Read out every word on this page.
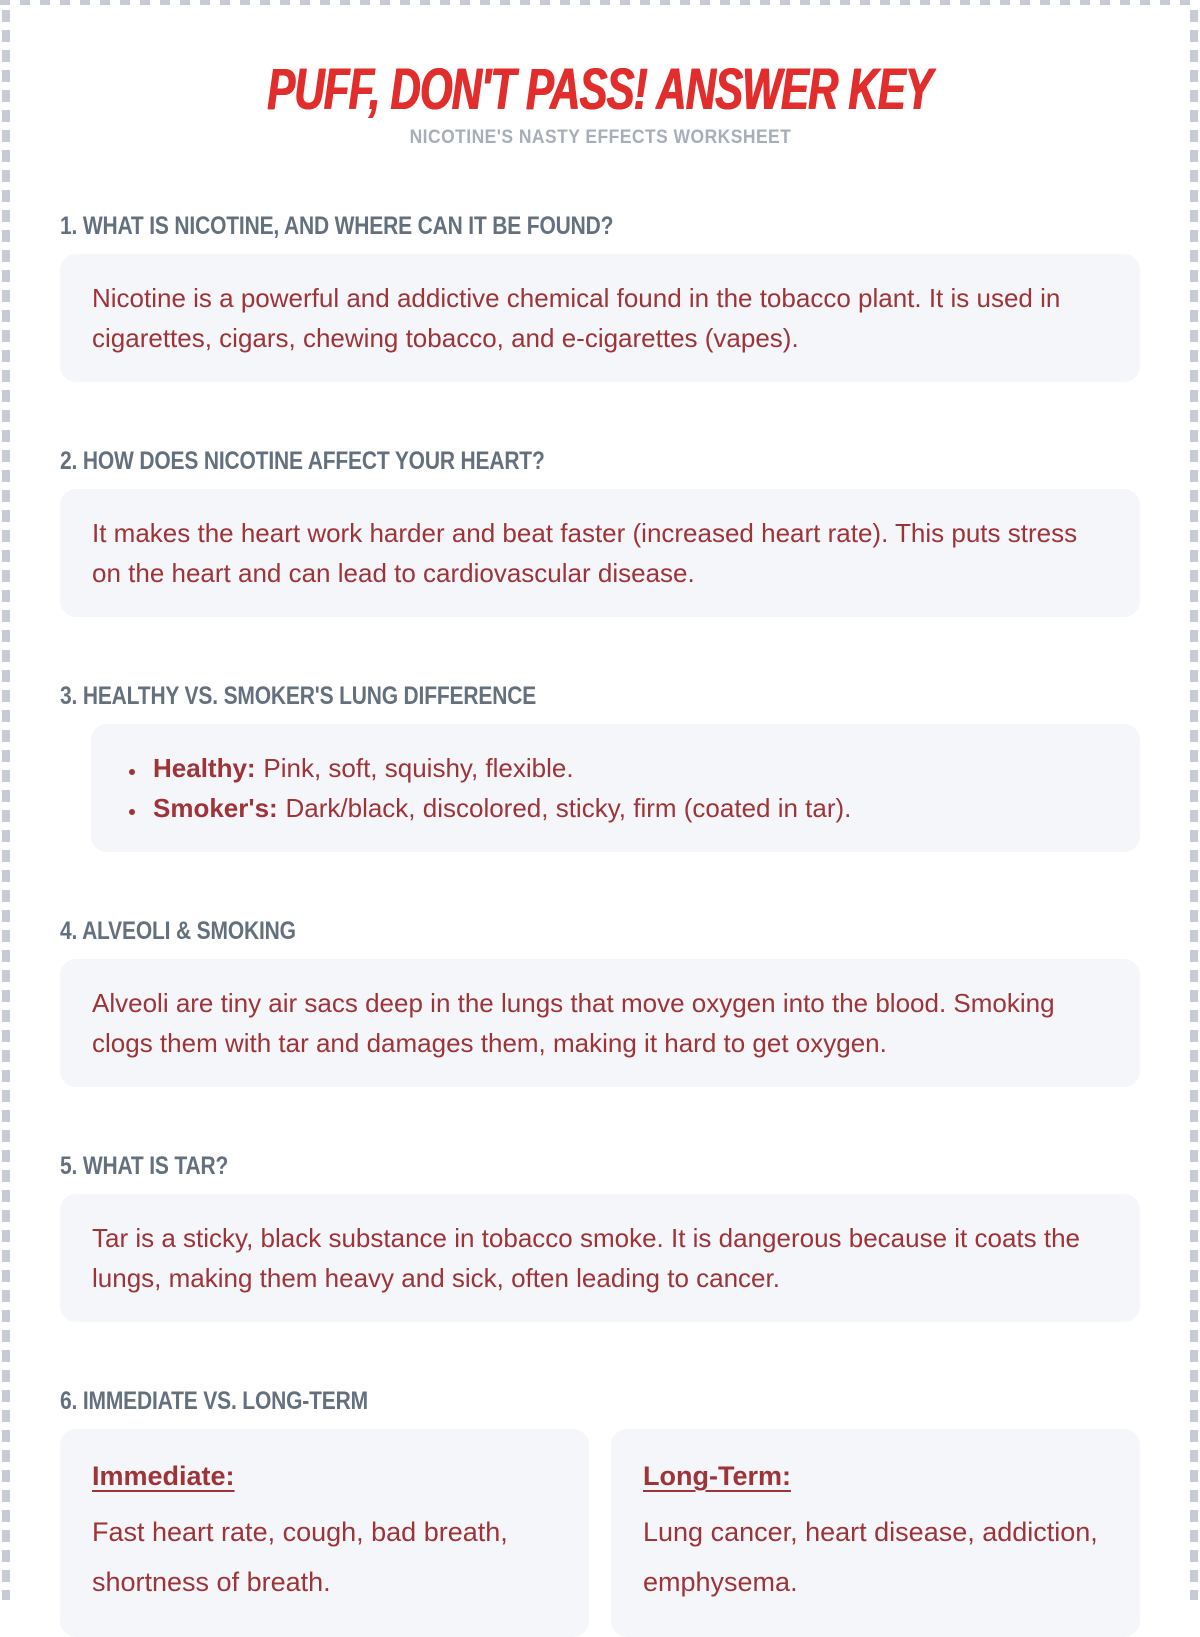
PUFF, DON'T PASS! ANSWER KEY
NICOTINE'S NASTY EFFECTS WORKSHEET
1. WHAT IS NICOTINE, AND WHERE CAN IT BE FOUND?

Nicotine is a powerful and addictive chemical found in the tobacco plant. It is used in cigarettes, cigars, chewing tobacco, and e-cigarettes (vapes).

2. HOW DOES NICOTINE AFFECT YOUR HEART?

It makes the heart work harder and beat faster (increased heart rate). This puts stress on the heart and can lead to cardiovascular disease.

3. HEALTHY VS. SMOKER'S LUNG DIFFERENCE
• Healthy: Pink, soft, squishy, flexible.
• Smoker's: Dark/black, discolored, sticky, firm (coated in tar).
4. ALVEOLI & SMOKING

Alveoli are tiny air sacs deep in the lungs that move oxygen into the blood. Smoking clogs them with tar and damages them, making it hard to get oxygen.

5. WHAT IS TAR?

Tar is a sticky, black substance in tobacco smoke. It is dangerous because it coats the lungs, making them heavy and sick, often leading to cancer.

6. IMMEDIATE VS. LONG-TERM
Immediate:

Fast heart rate, cough, bad breath, shortness of breath.

Long-Term:

Lung cancer, heart disease, addiction, emphysema.
